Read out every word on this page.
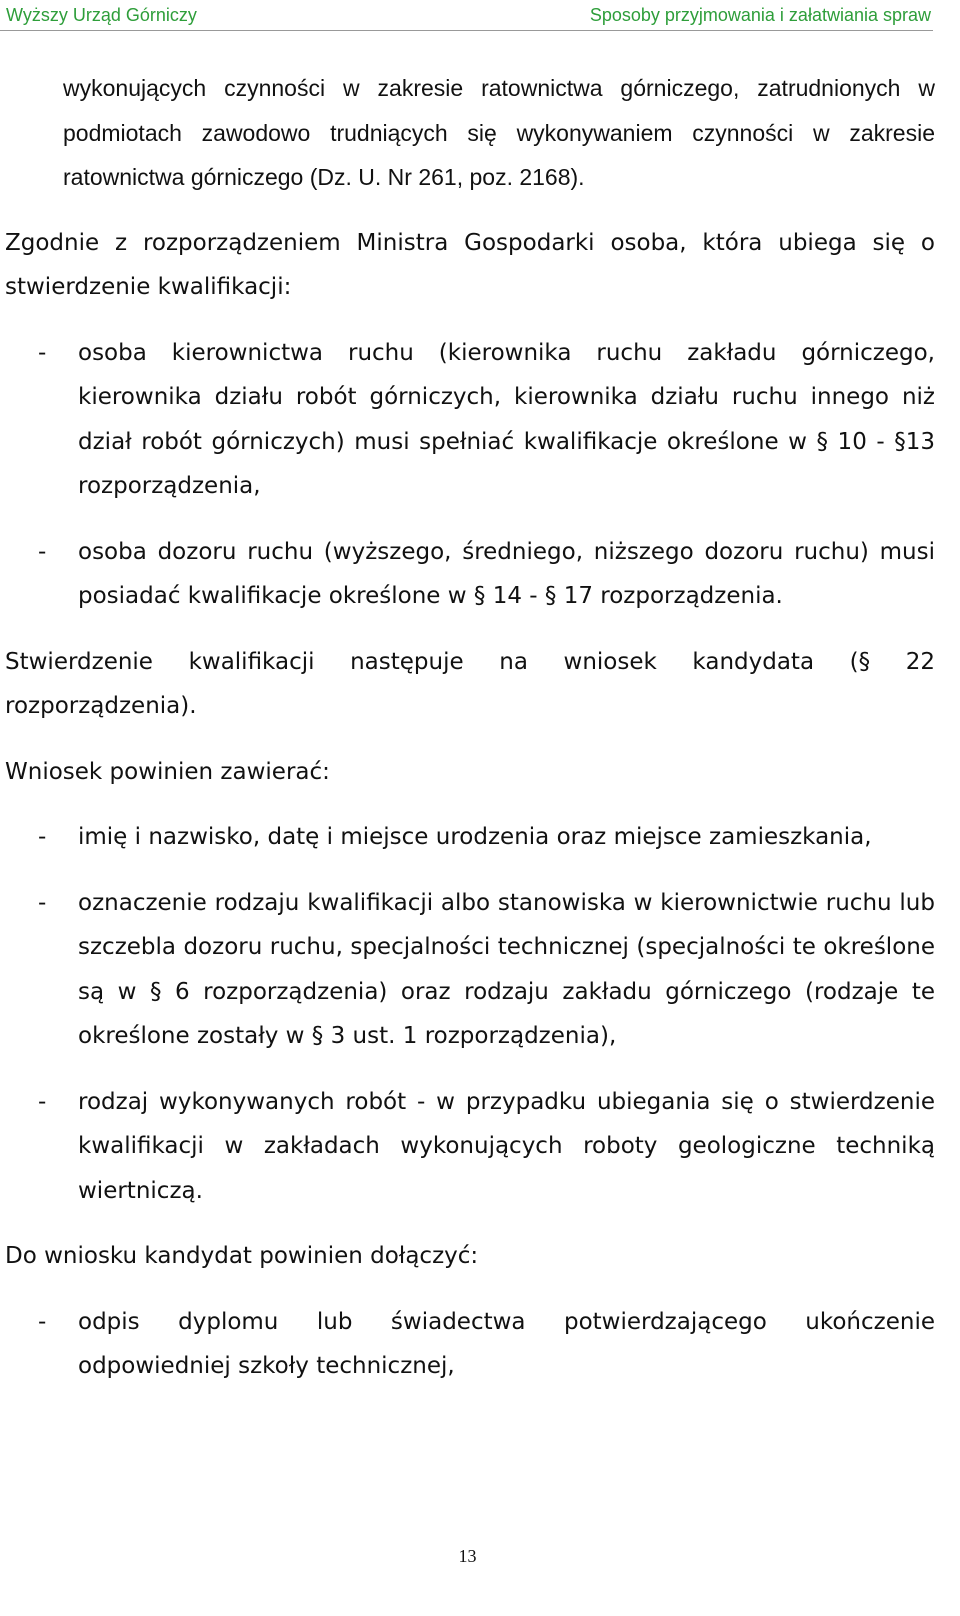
Wyższy Urząd Górniczy	Sposoby przyjmowania i załatwiania spraw

wykonujących czynności w zakresie ratownictwa górniczego, zatrudnionych w podmiotach zawodowo trudniących się wykonywaniem czynności w zakresie ratownictwa górniczego (Dz. U. Nr 261, poz. 2168).

Zgodnie z rozporządzeniem Ministra Gospodarki osoba, która ubiega się o stwierdzenie kwalifikacji:

- osoba kierownictwa ruchu (kierownika ruchu zakładu górniczego, kierownika działu robót górniczych, kierownika działu ruchu innego niż dział robót górniczych) musi spełniać kwalifikacje określone w § 10 - §13 rozporządzenia,
- osoba dozoru ruchu (wyższego, średniego, niższego dozoru ruchu) musi posiadać kwalifikacje określone w § 14 - § 17 rozporządzenia.

Stwierdzenie kwalifikacji następuje na wniosek kandydata (§ 22 rozporządzenia).

Wniosek powinien zawierać:

- imię i nazwisko, datę i miejsce urodzenia oraz miejsce zamieszkania,
- oznaczenie rodzaju kwalifikacji albo stanowiska w kierownictwie ruchu lub szczebla dozoru ruchu, specjalności technicznej (specjalności te określone są w § 6 rozporządzenia) oraz rodzaju zakładu górniczego (rodzaje te określone zostały w § 3 ust. 1 rozporządzenia),
- rodzaj wykonywanych robót - w przypadku ubiegania się o stwierdzenie kwalifikacji w zakładach wykonujących roboty geologiczne techniką wiertniczą.

Do wniosku kandydat powinien dołączyć:

- odpis dyplomu lub świadectwa potwierdzającego ukończenie odpowiedniej szkoły technicznej,
13
